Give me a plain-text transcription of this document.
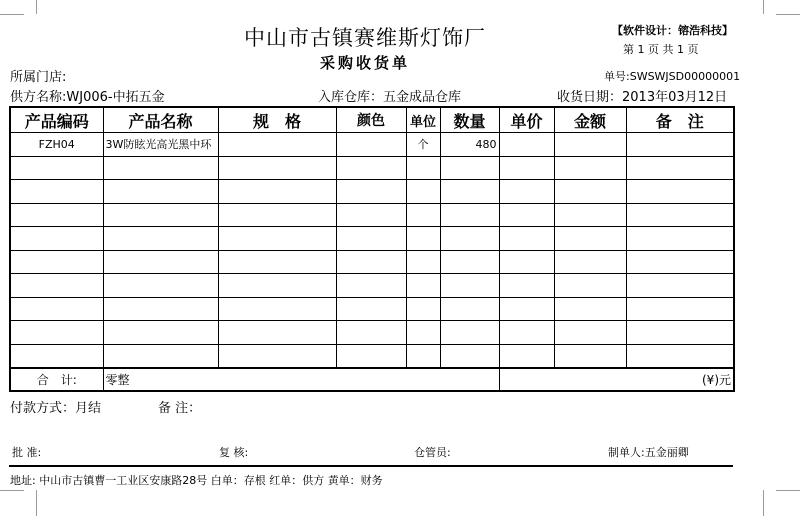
中山市古镇赛维斯灯饰厂
采购收货单
【软件设计：镕浩科技】
第 1 页 共 1 页
所属门店:	单号:SWSWJSD00000001
供方名称:WJ006-中拓五金	入库仓库：五金成品仓库	收货日期：2013年03月12日
产品编码	产品名称	规　格	颜色	单位	数量	单价	金额	备　注
FZH04	3W防眩光高光黑中环			个	480			

合　计:	零整					(¥)元		
付款方式：月结	备 注：
批 准:	复 核:	仓管员:	制单人:五金丽卿
地址: 中山市古镇曹一工业区安康路28号 白单：存根 红单：供方 黄单：财务
